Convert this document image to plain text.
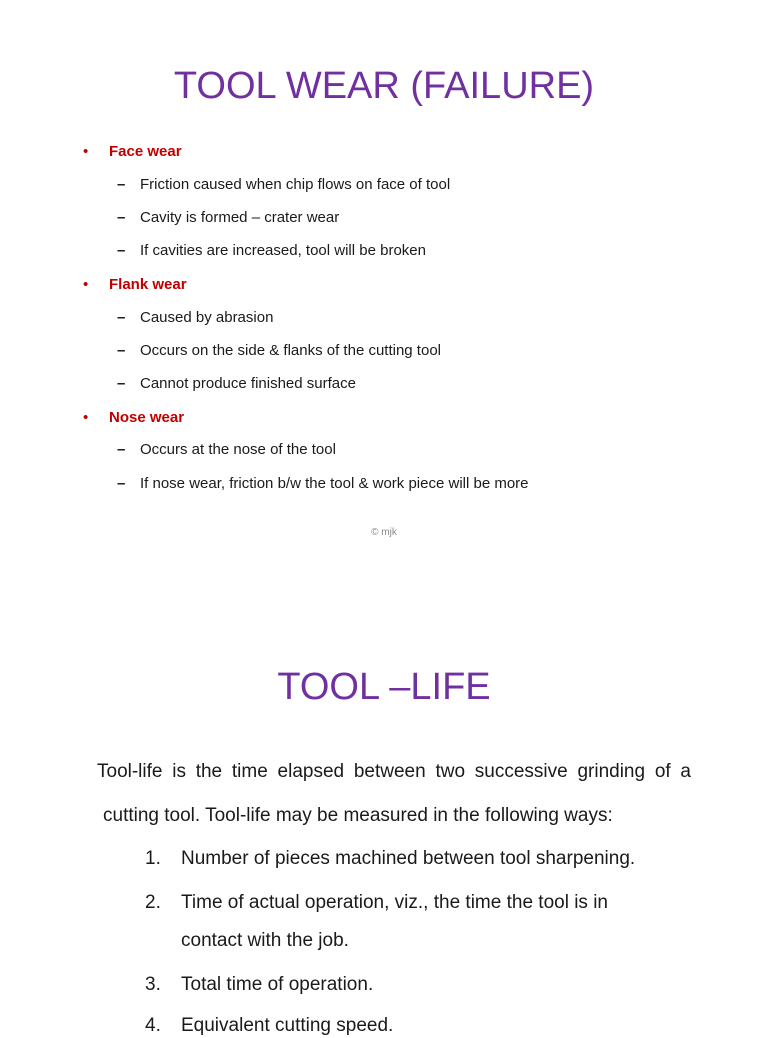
TOOL WEAR (FAILURE)
• Face wear
– Friction caused when chip flows on face of tool
– Cavity is formed – crater wear
– If cavities are increased, tool will be broken
• Flank wear
– Caused by abrasion
– Occurs on the side & flanks of the cutting tool
– Cannot produce finished surface
• Nose wear
– Occurs at the nose of the tool
– If nose wear, friction b/w the tool & work piece will be more
© mjk
TOOL –LIFE
Tool-life is the time elapsed between two successive grinding of a
cutting tool. Tool-life may be measured in the following ways:
1. Number of pieces machined between tool sharpening.
2. Time of actual operation, viz., the time the tool is in
contact with the job.
3. Total time of operation.
4. Equivalent cutting speed.
